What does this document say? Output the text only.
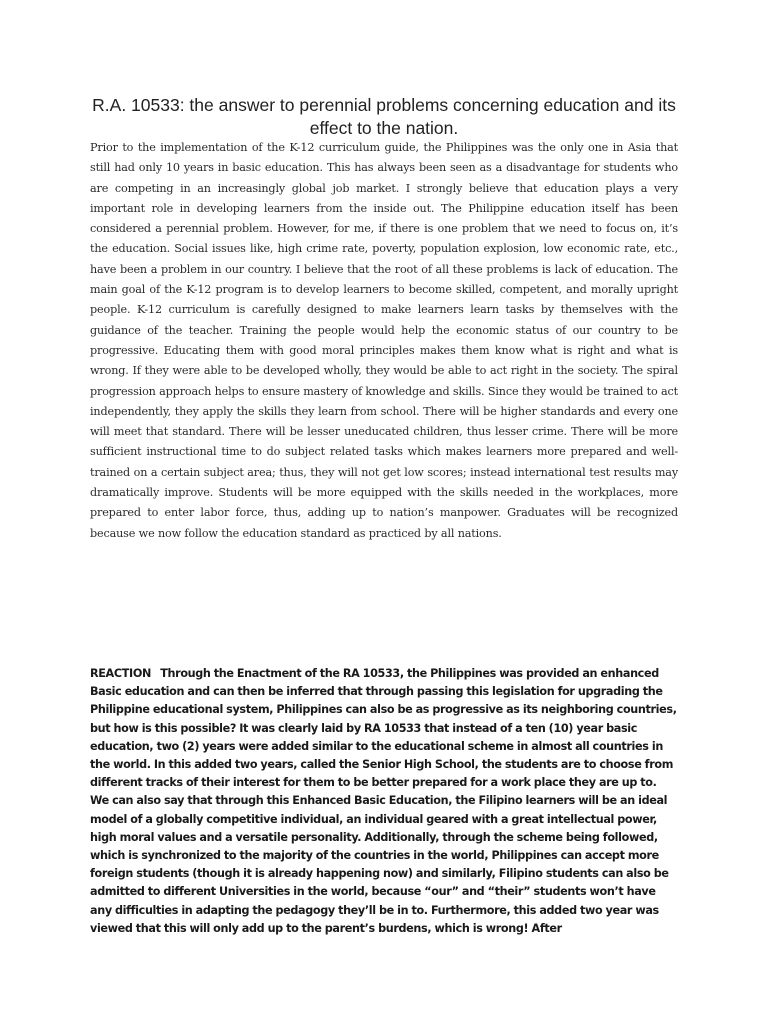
R.A. 10533: the answer to perennial problems concerning education and its effect to the nation.

Prior to the implementation of the K-12 curriculum guide, the Philippines was the only one in Asia that still had only 10 years in basic education. This has always been seen as a disadvantage for students who are competing in an increasingly global job market. I strongly believe that education plays a very important role in developing learners from the inside out. The Philippine education itself has been considered a perennial problem. However, for me, if there is one problem that we need to focus on, it’s the education. Social issues like, high crime rate, poverty, population explosion, low economic rate, etc., have been a problem in our country. I believe that the root of all these problems is lack of education. The main goal of the K-12 program is to develop learners to become skilled, competent, and morally upright people. K-12 curriculum is carefully designed to make learners learn tasks by themselves with the guidance of the teacher. Training the people would help the economic status of our country to be progressive. Educating them with good moral principles makes them know what is right and what is wrong. If they were able to be developed wholly, they would be able to act right in the society. The spiral progression approach helps to ensure mastery of knowledge and skills. Since they would be trained to act independently, they apply the skills they learn from school. There will be higher standards and every one will meet that standard. There will be lesser uneducated children, thus lesser crime. There will be more sufficient instructional time to do subject related tasks which makes learners more prepared and well-trained on a certain subject area; thus, they will not get low scores; instead international test results may dramatically improve. Students will be more equipped with the skills needed in the workplaces, more prepared to enter labor force, thus, adding up to nation’s manpower. Graduates will be recognized because we now follow the education standard as practiced by all nations.

REACTION Through the Enactment of the RA 10533, the Philippines was provided an enhanced Basic education and can then be inferred that through passing this legislation for upgrading the Philippine educational system, Philippines can also be as progressive as its neighboring countries, but how is this possible? It was clearly laid by RA 10533 that instead of a ten (10) year basic education, two (2) years were added similar to the educational scheme in almost all countries in the world. In this added two years, called the Senior High School, the students are to choose from different tracks of their interest for them to be better prepared for a work place they are up to. We can also say that through this Enhanced Basic Education, the Filipino learners will be an ideal model of a globally competitive individual, an individual geared with a great intellectual power, high moral values and a versatile personality. Additionally, through the scheme being followed, which is synchronized to the majority of the countries in the world, Philippines can accept more foreign students (though it is already happening now) and similarly, Filipino students can also be admitted to different Universities in the world, because “our” and “their” students won’t have any difficulties in adapting the pedagogy they’ll be in to. Furthermore, this added two year was viewed that this will only add up to the parent’s burdens, which is wrong! After
